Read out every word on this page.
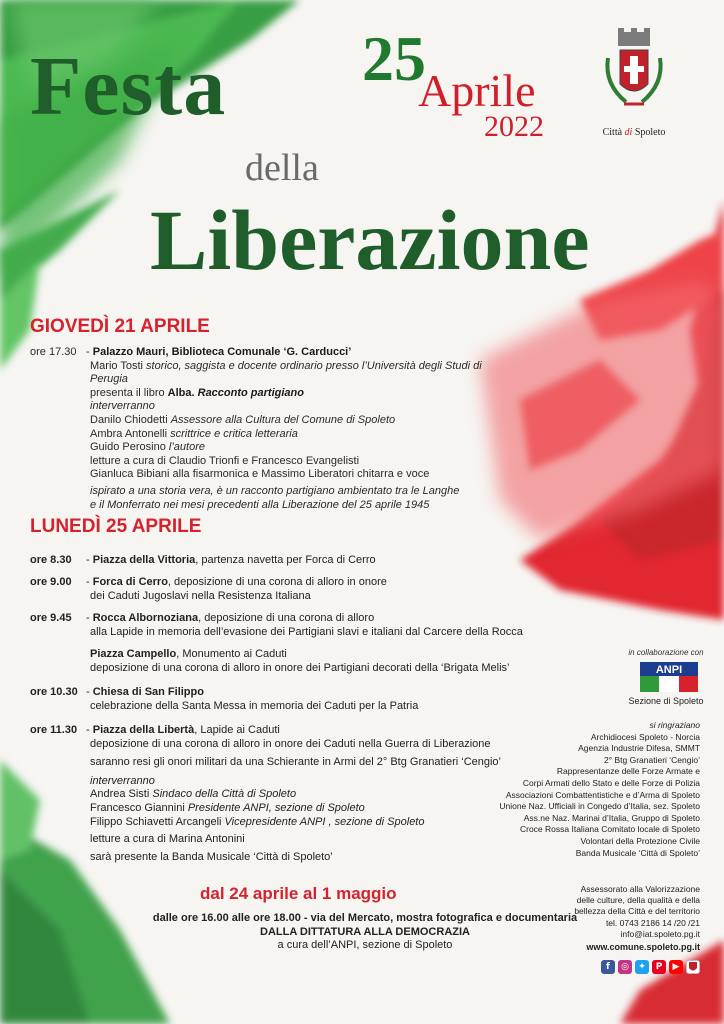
Festa
della
Liberazione
25
Aprile
2022	Città di Spoleto
GIOVEDÌ 21 APRILE
ore 17.30 - Palazzo Mauri, Biblioteca Comunale ‘G. Carducci’
Mario Tosti storico, saggista e docente ordinario presso l’Università degli Studi di Perugia
presenta il libro Alba. Racconto partigiano
interverranno
Danilo Chiodetti Assessore alla Cultura del Comune di Spoleto
Ambra Antonelli scrittrice e critica letteraria
Guido Perosino l’autore
letture a cura di Claudio Trionfi e Francesco Evangelisti
Gianluca Bibiani alla fisarmonica e Massimo Liberatori chitarra e voce
ispirato a una storia vera, è un racconto partigiano ambientato tra le Langhe
e il Monferrato nei mesi precedenti alla Liberazione del 25 aprile 1945
LUNEDÌ 25 APRILE
ore 8.30 - Piazza della Vittoria, partenza navetta per Forca di Cerro
ore 9.00 - Forca di Cerro, deposizione di una corona di alloro in onore
dei Caduti Jugoslavi nella Resistenza Italiana
ore 9.45 - Rocca Albornoziana, deposizione di una corona di alloro
alla Lapide in memoria dell’evasione dei Partigiani slavi e italiani dal Carcere della Rocca
Piazza Campello, Monumento ai Caduti
deposizione di una corona di alloro in onore dei Partigiani decorati della ‘Brigata Melis’
ore 10.30 - Chiesa di San Filippo
celebrazione della Santa Messa in memoria dei Caduti per la Patria
ore 11.30 - Piazza della Libertà, Lapide ai Caduti
deposizione di una corona di alloro in onore dei Caduti nella Guerra di Liberazione
saranno resi gli onori militari da una Schierante in Armi del 2° Btg Granatieri ‘Cengio’
interverranno
Andrea Sisti Sindaco della Città di Spoleto
Francesco Giannini Presidente ANPI, sezione di Spoleto
Filippo Schiavetti Arcangeli Vicepresidente ANPI , sezione di Spoleto
letture a cura di Marina Antonini
sarà presente la Banda Musicale ‘Città di Spoleto’
dal 24 aprile al 1 maggio
dalle ore 16.00 alle ore 18.00 - via del Mercato, mostra fotografica e documentaria
DALLA DITTATURA ALLA DEMOCRAZIA
a cura dell’ANPI, sezione di Spoleto
in collaborazione con
ANPI
Sezione di Spoleto
si ringraziano
Archidiocesi Spoleto - Norcia
Agenzia Industrie Difesa, SMMT
2° Btg Granatieri ‘Cengio’
Rappresentanze delle Forze Armate e
Corpi Armati dello Stato e delle Forze di Polizia
Associazioni Combattentistiche e d’Arma di Spoleto
Unione Naz. Ufficiali in Congedo d’Italia, sez. Spoleto
Ass.ne Naz. Marinai d’Italia, Gruppo di Spoleto
Croce Rossa Italiana Comitato locale di Spoleto
Volontari della Protezione Civile
Banda Musicale ‘Città di Spoleto’
Assessorato alla Valorizzazione
delle culture, della qualità e della
bellezza della Città e del territorio
tel. 0743 2186 14 /20 /21
info@iat.spoleto.pg.it
www.comune.spoleto.pg.it
f	◎	✦	P	▶
